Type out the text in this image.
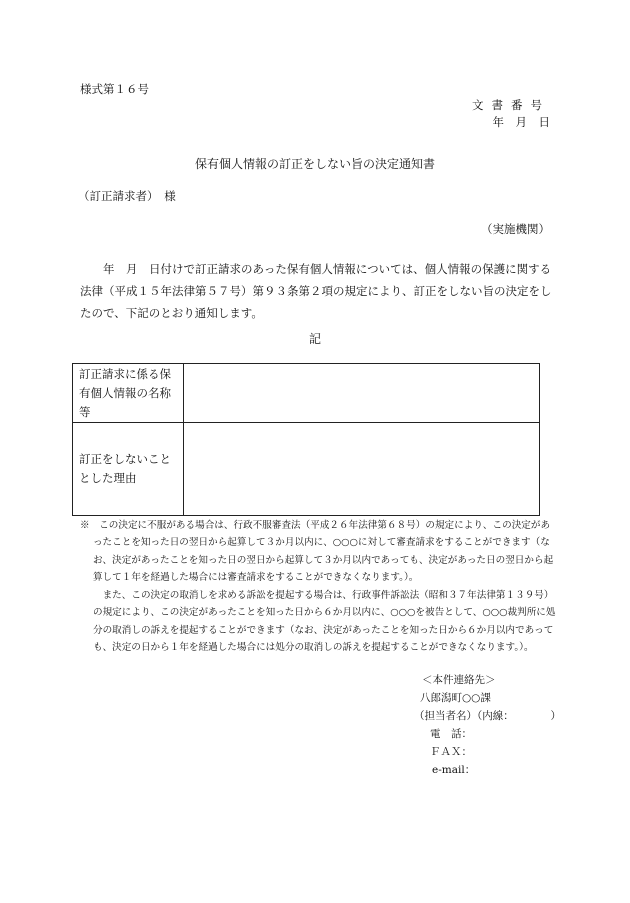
様式第１６号
文書番号
年　月　日
保有個人情報の訂正をしない旨の決定通知書
（訂正請求者）　様
（実施機関）
　　年　月　日付けで訂正請求のあった保有個人情報については、個人情報の保護に関する法律（平成１５年法律第５７号）第９３条第２項の規定により、訂正をしない旨の決定をしたので、下記のとおり通知します。
記
訂正請求に係る保有個人情報の名称等	
訂正をしないこととした理由	
※　この決定に不服がある場合は、行政不服審査法（平成２６年法律第６８号）の規定により、この決定があったことを知った日の翌日から起算して３か月以内に、○○○に対して審査請求をすることができます（なお、決定があったことを知った日の翌日から起算して３か月以内であっても、決定があった日の翌日から起算して１年を経過した場合には審査請求をすることができなくなります。）。
また、この決定の取消しを求める訴訟を提起する場合は、行政事件訴訟法（昭和３７年法律第１３９号）の規定により、この決定があったことを知った日から６か月以内に、○○○を被告として、○○○裁判所に処分の取消しの訴えを提起することができます（なお、決定があったことを知った日から６か月以内であっても、決定の日から１年を経過した場合には処分の取消しの訴えを提起することができなくなります。）。
＜本件連絡先＞
八郎潟町○○課
（担当者名）（内線：　　　　）
電　話：
ＦＡＸ：
e-mail：
